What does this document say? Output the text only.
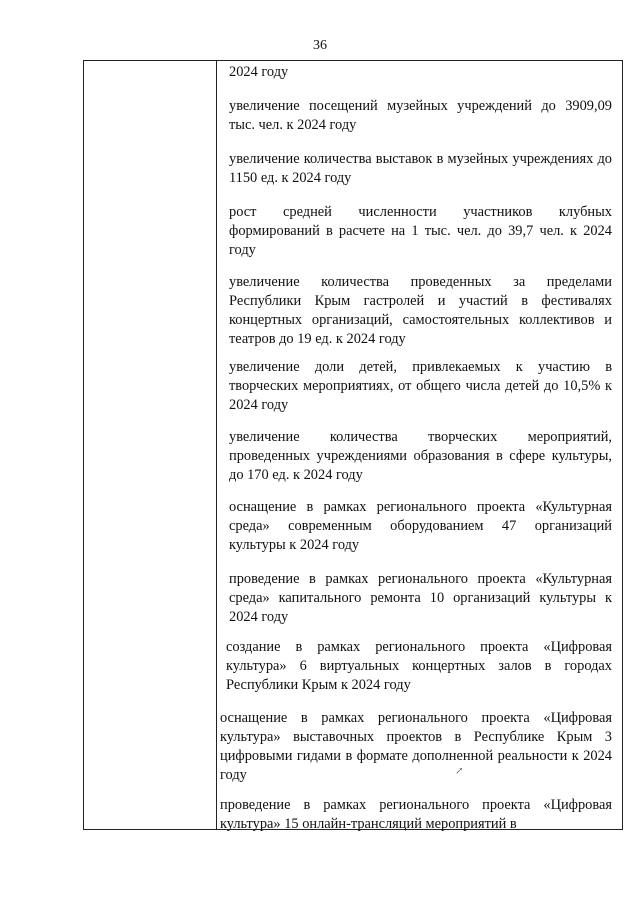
36

2024 году

увеличение посещений музейных учреждений до 3909,09 тыс. чел. к 2024 году

увеличение количества выставок в музейных учреждениях до 1150 ед. к 2024 году

рост средней численности участников клубных формирований в расчете на 1 тыс. чел. до 39,7 чел. к 2024 году

увеличение количества проведенных за пределами Республики Крым гастролей и участий в фестивалях концертных организаций, самостоятельных коллективов и театров до 19 ед. к 2024 году

увеличение доли детей, привлекаемых к участию в творческих мероприятиях, от общего числа детей до 10,5% к 2024 году

увеличение количества творческих мероприятий, проведенных учреждениями образования в сфере культуры, до 170 ед. к 2024 году

оснащение в рамках регионального проекта «Культурная среда» современным оборудованием 47 организаций культуры к 2024 году

проведение в рамках регионального проекта «Культурная среда» капитального ремонта 10 организаций культуры к 2024 году

создание в рамках регионального проекта «Цифровая культура» 6 виртуальных концертных залов в городах Республики Крым к 2024 году

оснащение в рамках регионального проекта «Цифровая культура» выставочных проектов в Республике Крым 3 цифровыми гидами в формате дополненной реальности к 2024 году

проведение в рамках регионального проекта «Цифровая культура» 15 онлайн-трансляций мероприятий в

↗
